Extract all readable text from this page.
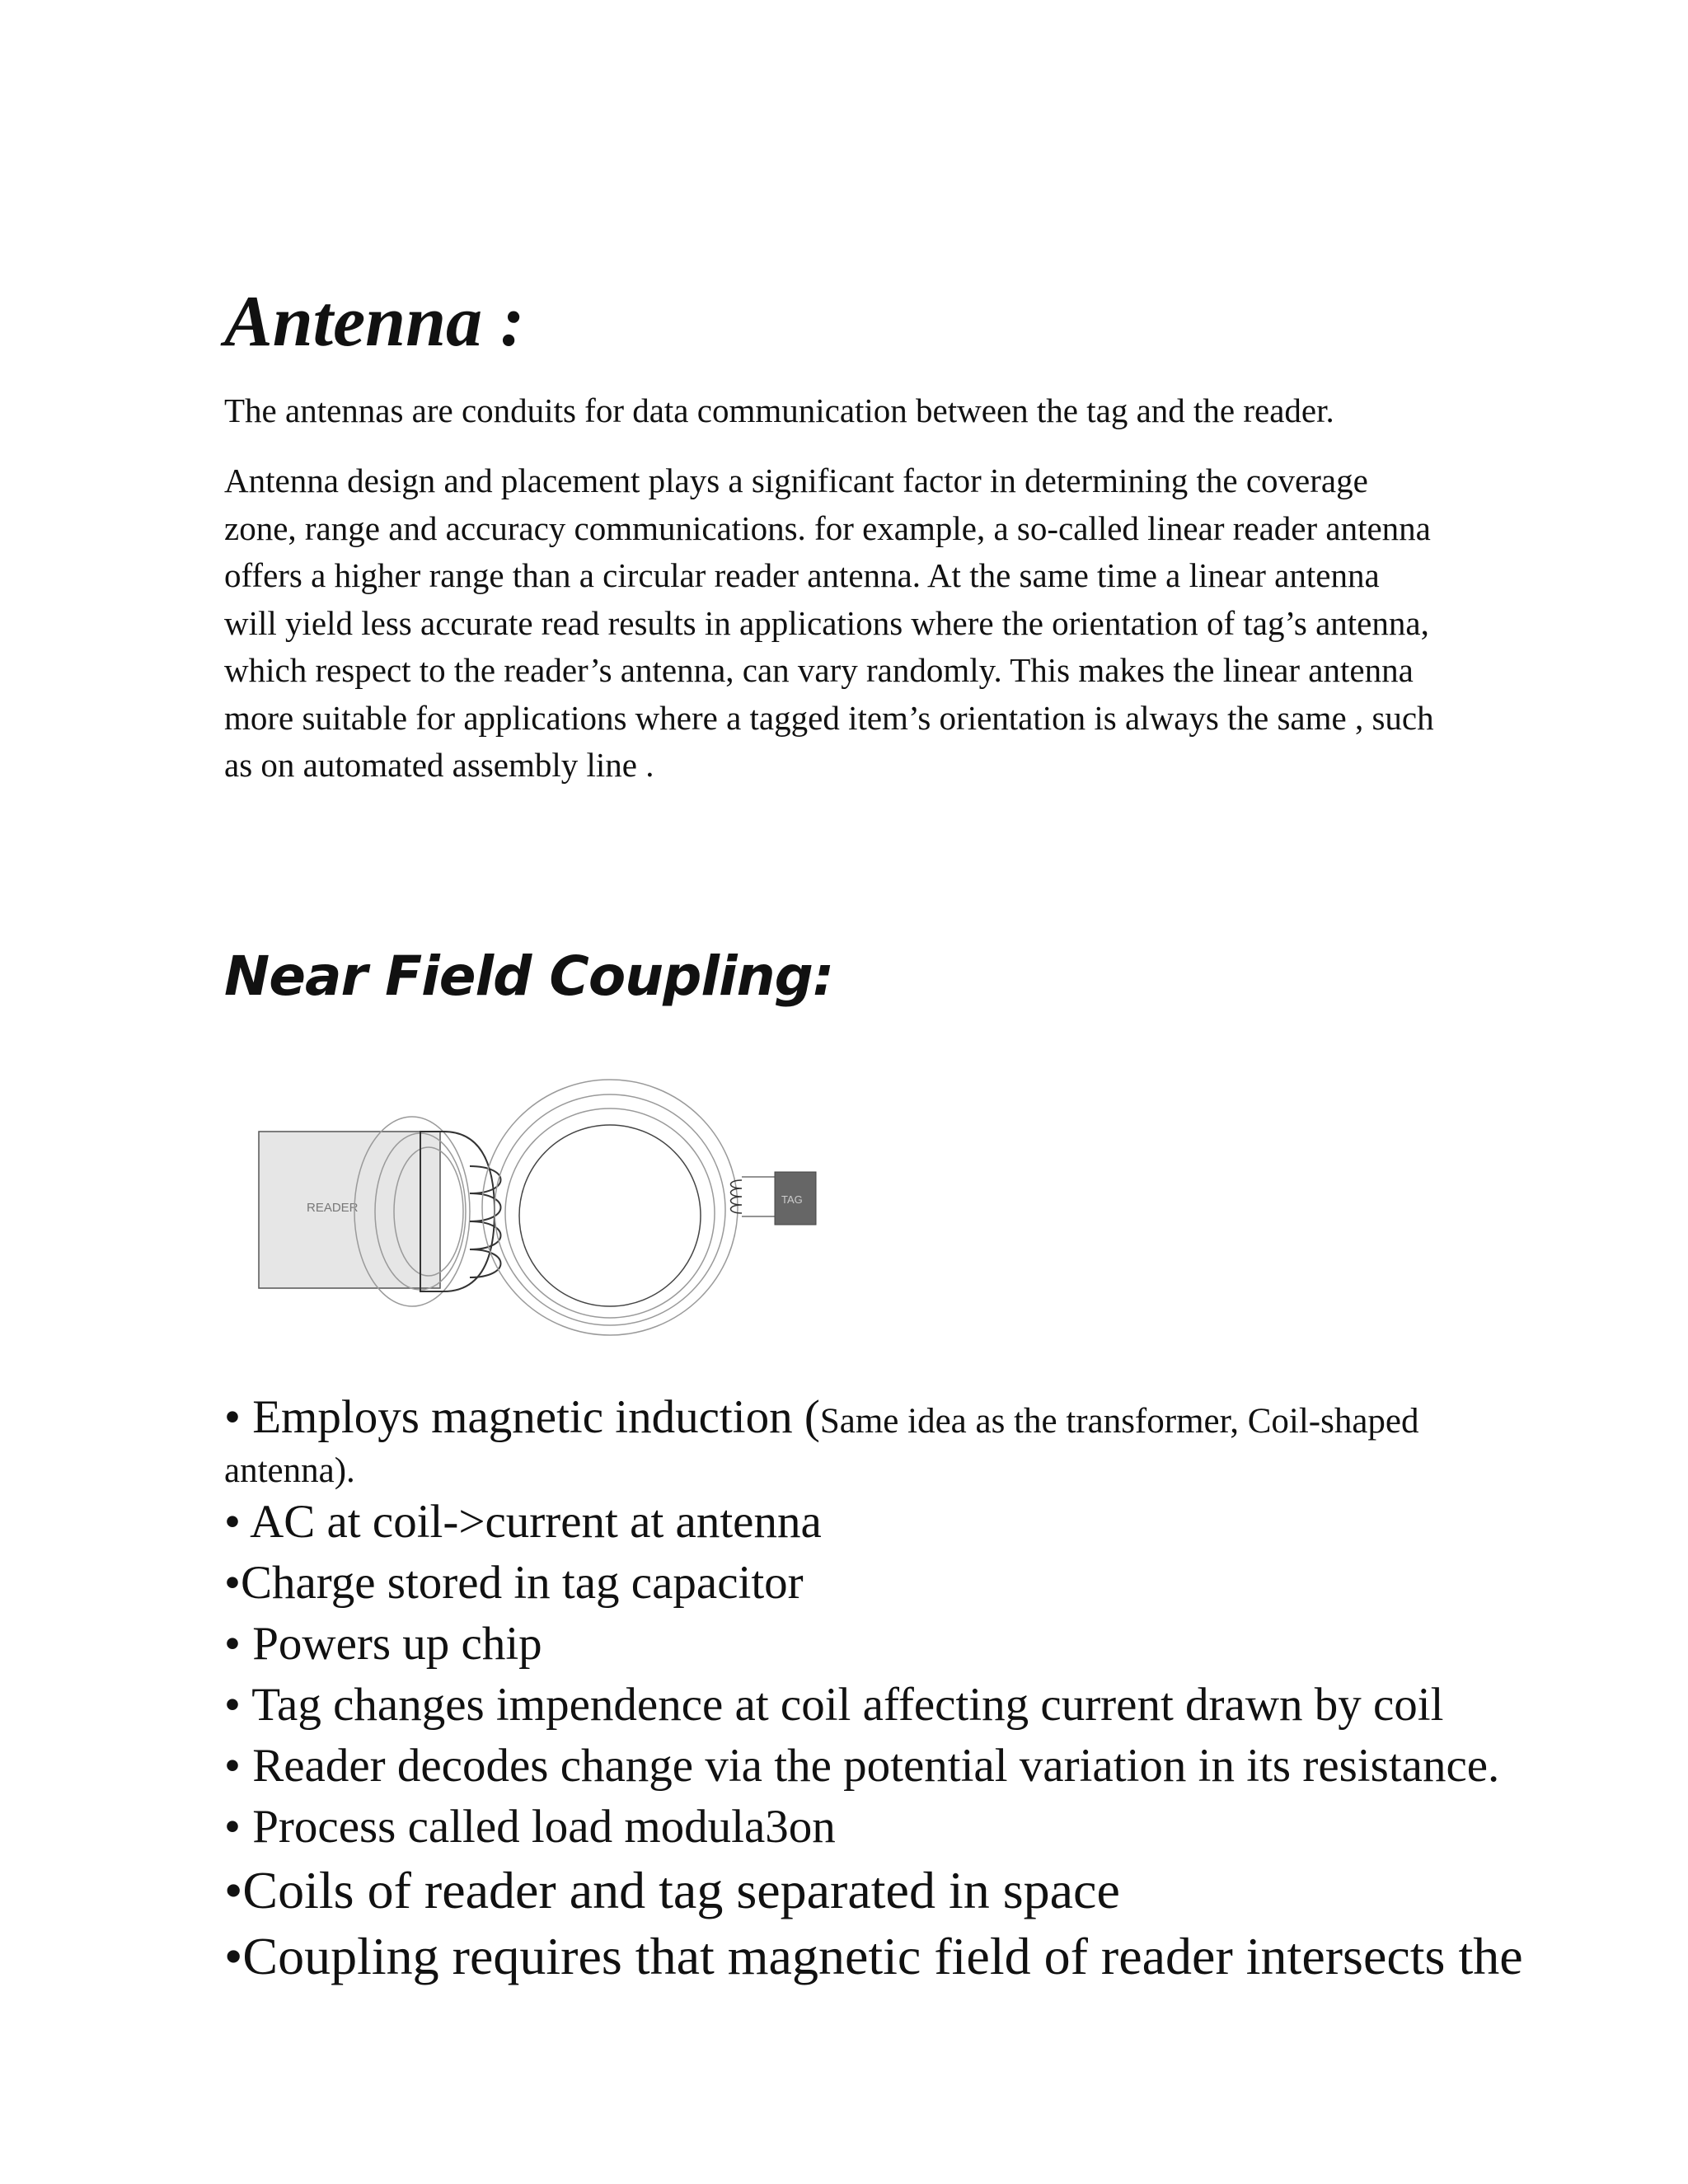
Antenna :

The antennas are conduits for data communication between the tag and the reader.

Antenna design and placement plays a significant factor in determining the coverage
zone, range and accuracy communications. for example, a so-called linear reader antenna
offers a higher range than a circular reader antenna. At the same time a linear antenna
will yield less accurate read results in applications where the orientation of tag’s antenna,
which respect to the reader’s antenna, can vary randomly. This makes the linear antenna
more suitable for applications where a tagged item’s orientation is always the same , such
as on automated assembly line .

Near Field Coupling:
READER
TAG
• Employs magnetic induction (Same idea as the transformer, Coil-shaped
antenna).
• AC at coil->current at antenna
•Charge stored in tag capacitor
• Powers up chip
• Tag changes impendence at coil affecting current drawn by coil
• Reader decodes change via the potential variation in its resistance.
• Process called load modula3on
•Coils of reader and tag separated in space
•Coupling requires that magnetic field of reader intersects the
